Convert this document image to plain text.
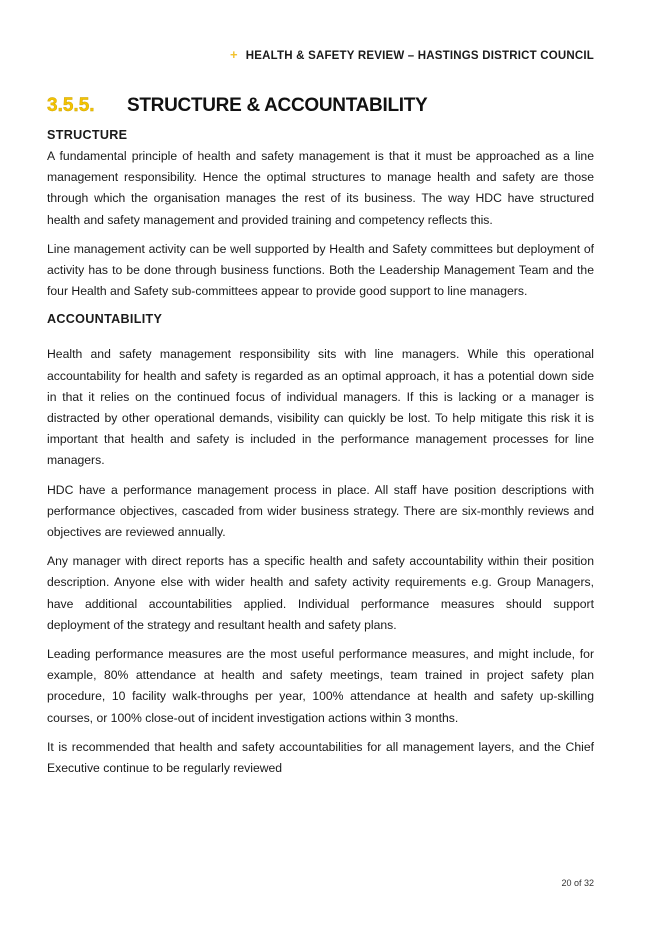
+ HEALTH & SAFETY REVIEW – HASTINGS DISTRICT COUNCIL
3.5.5. STRUCTURE & ACCOUNTABILITY
STRUCTURE

A fundamental principle of health and safety management is that it must be approached as a line management responsibility. Hence the optimal structures to manage health and safety are those through which the organisation manages the rest of its business. The way HDC have structured health and safety management and provided training and competency reflects this.

Line management activity can be well supported by Health and Safety committees but deployment of activity has to be done through business functions. Both the Leadership Management Team and the four Health and Safety sub-committees appear to provide good support to line managers.

ACCOUNTABILITY

Health and safety management responsibility sits with line managers. While this operational accountability for health and safety is regarded as an optimal approach, it has a potential down side in that it relies on the continued focus of individual managers. If this is lacking or a manager is distracted by other operational demands, visibility can quickly be lost. To help mitigate this risk it is important that health and safety is included in the performance management processes for line managers.

HDC have a performance management process in place. All staff have position descriptions with performance objectives, cascaded from wider business strategy. There are six-monthly reviews and objectives are reviewed annually.

Any manager with direct reports has a specific health and safety accountability within their position description. Anyone else with wider health and safety activity requirements e.g. Group Managers, have additional accountabilities applied. Individual performance measures should support deployment of the strategy and resultant health and safety plans.

Leading performance measures are the most useful performance measures, and might include, for example, 80% attendance at health and safety meetings, team trained in project safety plan procedure, 10 facility walk-throughs per year, 100% attendance at health and safety up-skilling courses, or 100% close-out of incident investigation actions within 3 months.

It is recommended that health and safety accountabilities for all management layers, and the Chief Executive continue to be regularly reviewed

20 of 32
